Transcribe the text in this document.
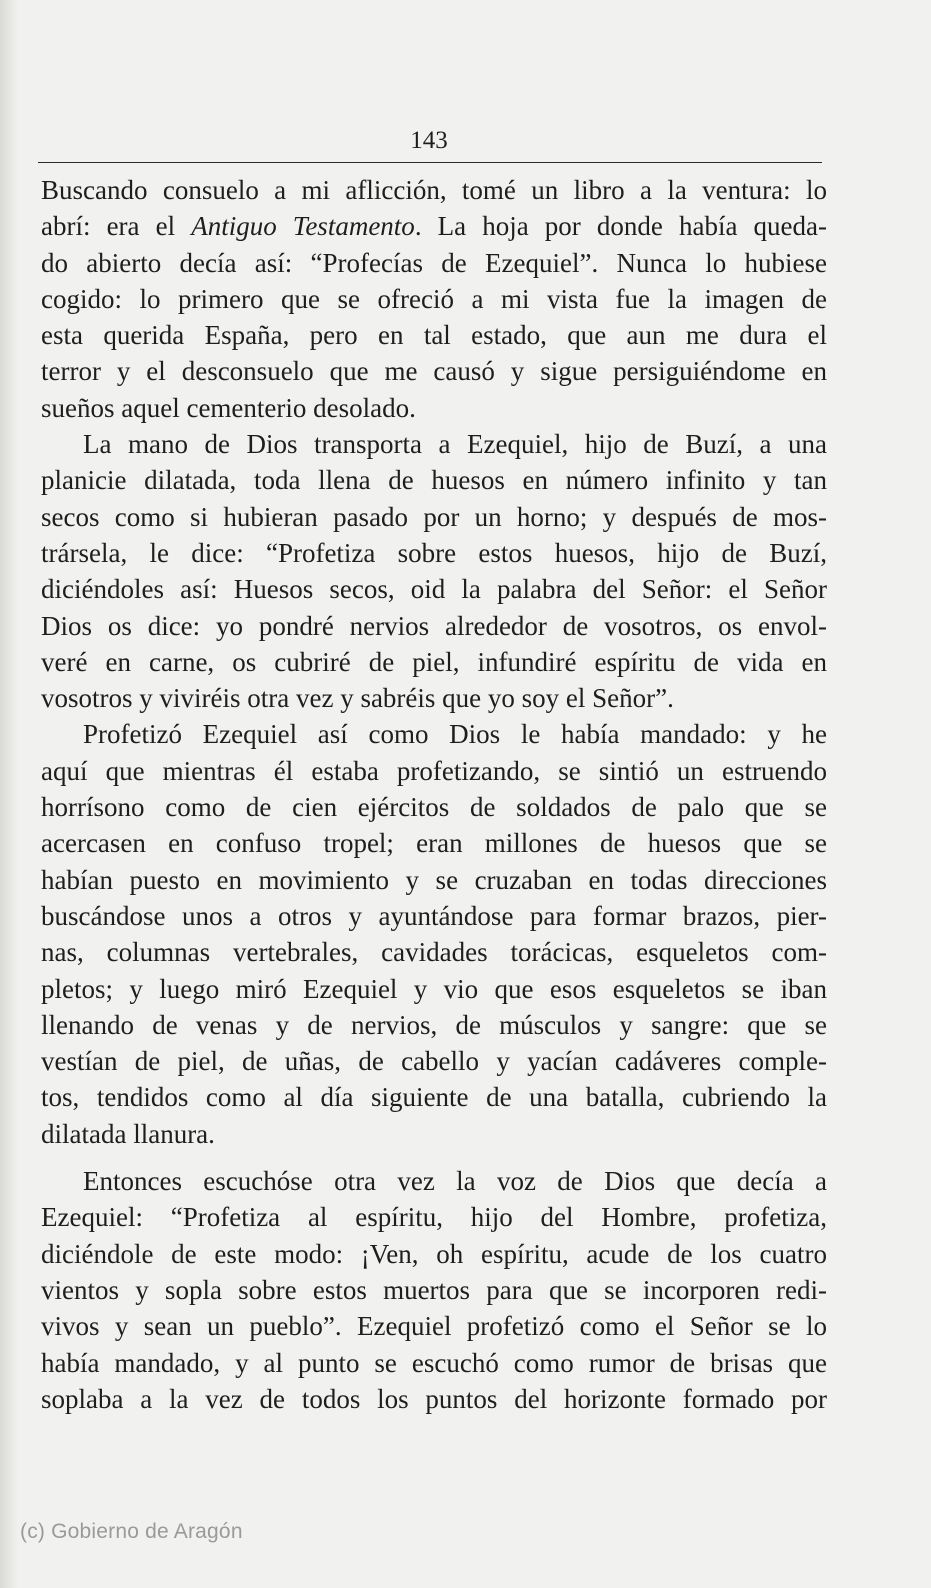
143
Buscando consuelo a mi aflicción, tomé un libro a la ventura: lo
abrí: era el Antiguo Testamento. La hoja por donde había queda-
do abierto decía así: “Profecías de Ezequiel”. Nunca lo hubiese
cogido: lo primero que se ofreció a mi vista fue la imagen de
esta querida España, pero en tal estado, que aun me dura el
terror y el desconsuelo que me causó y sigue persiguiéndome en
sueños aquel cementerio desolado.
La mano de Dios transporta a Ezequiel, hijo de Buzí, a una
planicie dilatada, toda llena de huesos en número infinito y tan
secos como si hubieran pasado por un horno; y después de mos-
trársela, le dice: “Profetiza sobre estos huesos, hijo de Buzí,
diciéndoles así: Huesos secos, oid la palabra del Señor: el Señor
Dios os dice: yo pondré nervios alrededor de vosotros, os envol-
veré en carne, os cubriré de piel, infundiré espíritu de vida en
vosotros y viviréis otra vez y sabréis que yo soy el Señor”.
Profetizó Ezequiel así como Dios le había mandado: y he
aquí que mientras él estaba profetizando, se sintió un estruendo
horrísono como de cien ejércitos de soldados de palo que se
acercasen en confuso tropel; eran millones de huesos que se
habían puesto en movimiento y se cruzaban en todas direcciones
buscándose unos a otros y ayuntándose para formar brazos, pier-
nas, columnas vertebrales, cavidades torácicas, esqueletos com-
pletos; y luego miró Ezequiel y vio que esos esqueletos se iban
llenando de venas y de nervios, de músculos y sangre: que se
vestían de piel, de uñas, de cabello y yacían cadáveres comple-
tos, tendidos como al día siguiente de una batalla, cubriendo la
dilatada llanura.
Entonces escuchóse otra vez la voz de Dios que decía a
Ezequiel: “Profetiza al espíritu, hijo del Hombre, profetiza,
diciéndole de este modo: ¡Ven, oh espíritu, acude de los cuatro
vientos y sopla sobre estos muertos para que se incorporen redi-
vivos y sean un pueblo”. Ezequiel profetizó como el Señor se lo
había mandado, y al punto se escuchó como rumor de brisas que
soplaba a la vez de todos los puntos del horizonte formado por
(c) Gobierno de Aragón
